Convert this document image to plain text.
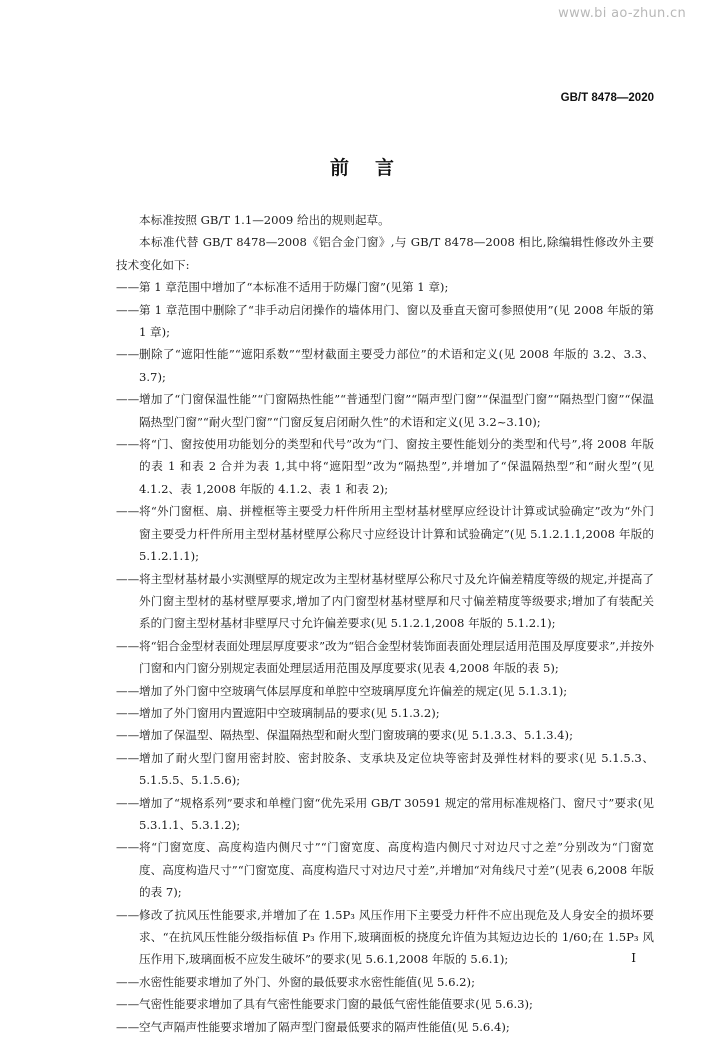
www.bi ao-zhun.cn
GB/T 8478—2020
前言

本标准按照 GB/T 1.1—2009 给出的规则起草。

本标准代替 GB/T 8478—2008《铝合金门窗》,与 GB/T 8478—2008 相比,除编辑性修改外主要技术变化如下:

—— 第 1 章范围中增加了“本标准不适用于防爆门窗”(见第 1 章);

—— 第 1 章范围中删除了“非手动启闭操作的墙体用门、窗以及垂直天窗可参照使用”(见 2008 年版的第 1 章);

—— 删除了“遮阳性能”“遮阳系数”“型材截面主要受力部位”的术语和定义(见 2008 年版的 3.2、3.3、3.7);

—— 增加了“门窗保温性能”“门窗隔热性能”“普通型门窗”“隔声型门窗”“保温型门窗”“隔热型门窗”“保温隔热型门窗”“耐火型门窗”“门窗反复启闭耐久性”的术语和定义(见 3.2~3.10);

—— 将“门、窗按使用功能划分的类型和代号”改为“门、窗按主要性能划分的类型和代号”,将 2008 年版的表 1 和表 2 合并为表 1,其中将“遮阳型”改为“隔热型”,并增加了“保温隔热型”和“耐火型”(见 4.1.2、表 1,2008 年版的 4.1.2、表 1 和表 2);

—— 将“外门窗框、扇、拼樘框等主要受力杆件所用主型材基材壁厚应经设计计算或试验确定”改为“外门窗主要受力杆件所用主型材基材壁厚公称尺寸应经设计计算和试验确定”(见 5.1.2.1.1,2008 年版的 5.1.2.1.1);

—— 将主型材基材最小实测壁厚的规定改为主型材基材壁厚公称尺寸及允许偏差精度等级的规定,并提高了外门窗主型材的基材壁厚要求,增加了内门窗型材基材壁厚和尺寸偏差精度等级要求;增加了有装配关系的门窗主型材基材非壁厚尺寸允许偏差要求(见 5.1.2.1,2008 年版的 5.1.2.1);

—— 将“铝合金型材表面处理层厚度要求”改为“铝合金型材装饰面表面处理层适用范围及厚度要求”,并按外门窗和内门窗分别规定表面处理层适用范围及厚度要求(见表 4,2008 年版的表 5);

—— 增加了外门窗中空玻璃气体层厚度和单腔中空玻璃厚度允许偏差的规定(见 5.1.3.1);

—— 增加了外门窗用内置遮阳中空玻璃制品的要求(见 5.1.3.2);

—— 增加了保温型、隔热型、保温隔热型和耐火型门窗玻璃的要求(见 5.1.3.3、5.1.3.4);

—— 增加了耐火型门窗用密封胶、密封胶条、支承块及定位块等密封及弹性材料的要求(见 5.1.5.3、5.1.5.5、5.1.5.6);

—— 增加了“规格系列”要求和单樘门窗“优先采用 GB/T 30591 规定的常用标准规格门、窗尺寸”要求(见 5.3.1.1、5.3.1.2);

—— 将“门窗宽度、高度构造内侧尺寸”“门窗宽度、高度构造内侧尺寸对边尺寸之差”分别改为“门窗宽度、高度构造尺寸”“门窗宽度、高度构造尺寸对边尺寸差”,并增加“对角线尺寸差”(见表 6,2008 年版的表 7);

—— 修改了抗风压性能要求,并增加了在 1.5P₃ 风压作用下主要受力杆件不应出现危及人身安全的损坏要求、“在抗风压性能分级指标值 P₃ 作用下,玻璃面板的挠度允许值为其短边边长的 1/60;在 1.5P₃ 风压作用下,玻璃面板不应发生破坏”的要求(见 5.6.1,2008 年版的 5.6.1);

—— 水密性能要求增加了外门、外窗的最低要求水密性能值(见 5.6.2);

—— 气密性能要求增加了具有气密性能要求门窗的最低气密性能值要求(见 5.6.3);

—— 空气声隔声性能要求增加了隔声型门窗最低要求的隔声性能值(见 5.6.4);

I
